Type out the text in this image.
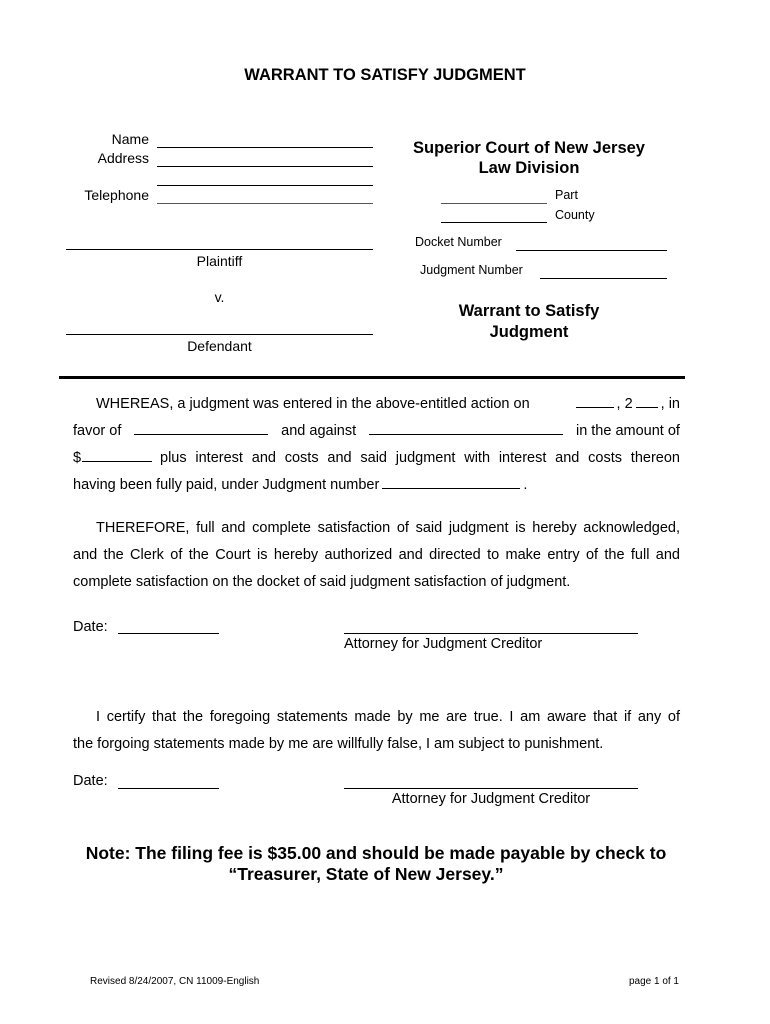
WARRANT TO SATISFY JUDGMENT
Name
Address
Telephone
Plaintiff
v.
Defendant
Superior Court of New Jersey
Law Division
Part
County
Docket Number
Judgment Number
Warrant to Satisfy
Judgment
WHEREAS, a judgment was entered in the above-entitled action on	, 2 , in
favor of	and against	in the amount of
$	plus interest and costs and said judgment with interest and costs thereon
having been fully paid, under Judgment number	.
THEREFORE, full and complete satisfaction of said judgment is hereby acknowledged,
and the Clerk of the Court is hereby authorized and directed to make entry of the full and
complete satisfaction on the docket of said judgment satisfaction of judgment.
Date:
Attorney for Judgment Creditor
I certify that the foregoing statements made by me are true. I am aware that if any of
the forgoing statements made by me are willfully false, I am subject to punishment.
Date:
Attorney for Judgment Creditor
Note: The filing fee is $35.00 and should be made payable by check to
“Treasurer, State of New Jersey.”
Revised 8/24/2007, CN 11009-English	page 1 of 1
